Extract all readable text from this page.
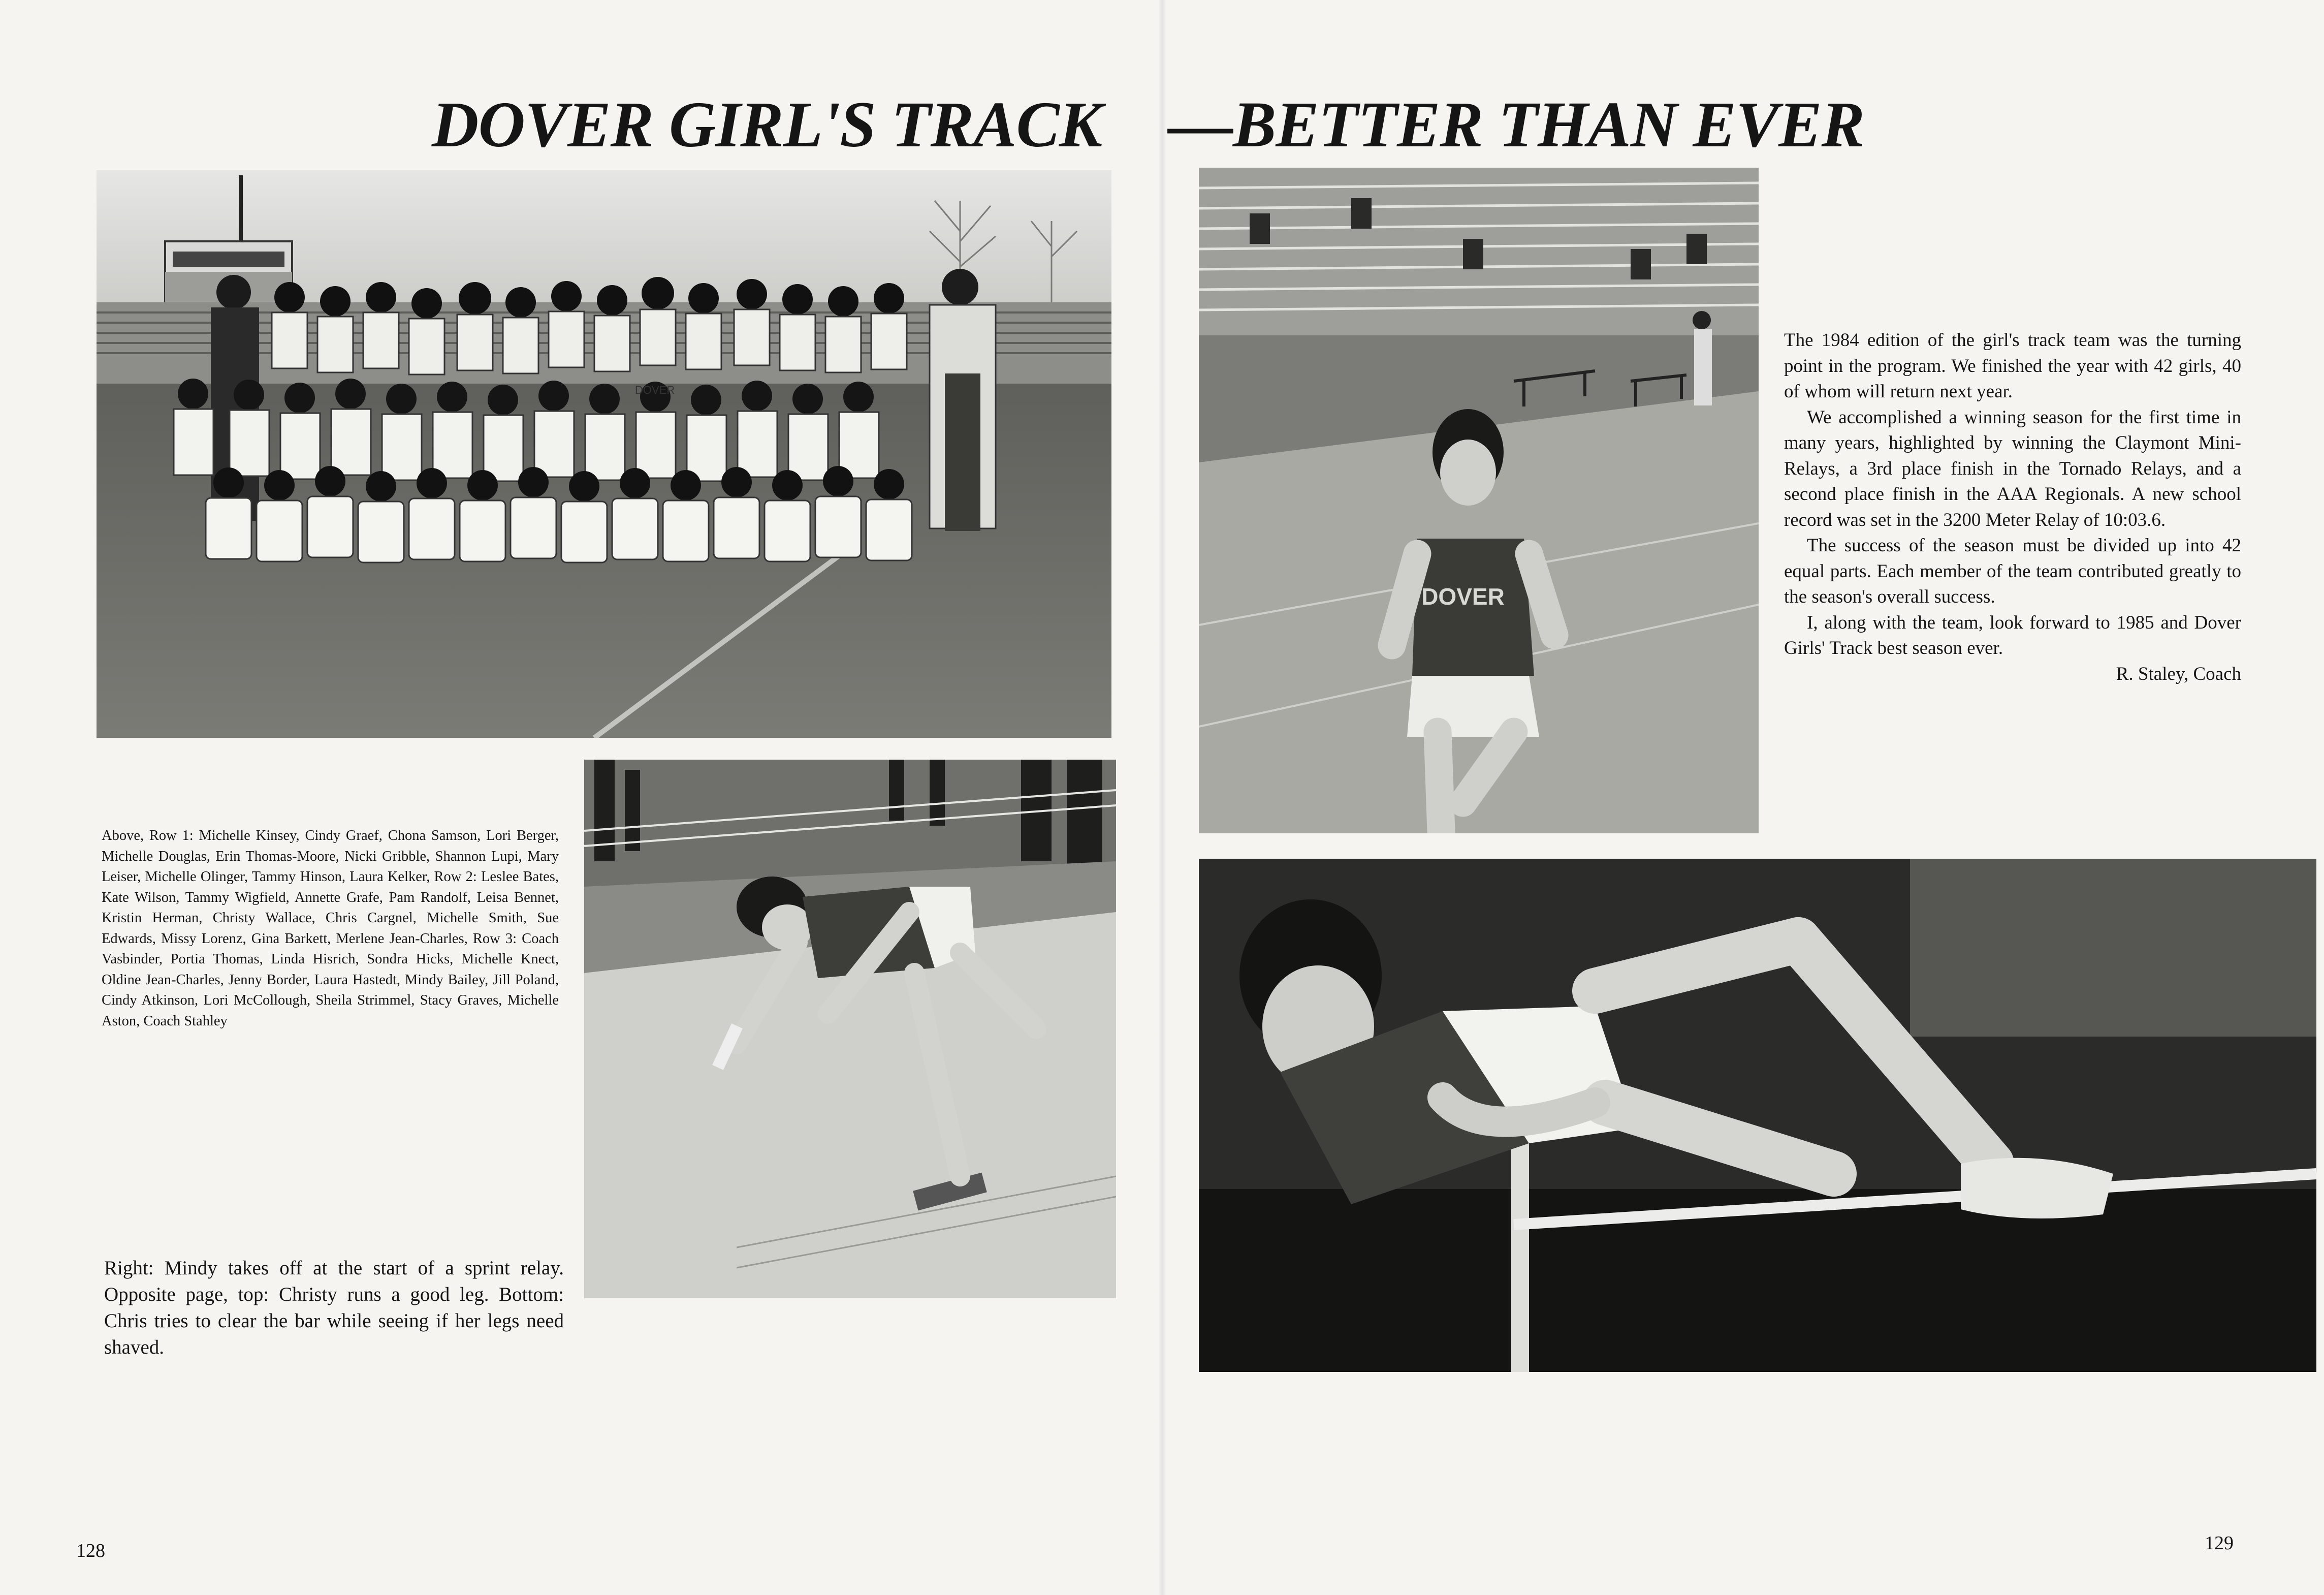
DOVER GIRL'S TRACK —BETTER THAN EVER
DOVER
DOVER
Above, Row 1: Michelle Kinsey, Cindy Graef, Chona Samson, Lori Berger, Michelle Douglas, Erin Thomas-Moore, Nicki Gribble, Shannon Lupi, Mary Leiser, Michelle Olinger, Tammy Hinson, Laura Kelker, Row 2: Leslee Bates, Kate Wilson, Tammy Wigfield, Annette Grafe, Pam Randolf, Leisa Bennet, Kristin Herman, Christy Wallace, Chris Cargnel, Michelle Smith, Sue Edwards, Missy Lorenz, Gina Barkett, Merlene Jean-Charles, Row 3: Coach Vasbinder, Portia Thomas, Linda Hisrich, Sondra Hicks, Michelle Knect, Oldine Jean-Charles, Jenny Border, Laura Hastedt, Mindy Bailey, Jill Poland, Cindy Atkinson, Lori McCollough, Sheila Strimmel, Stacy Graves, Michelle Aston, Coach Stahley
Right: Mindy takes off at the start of a sprint relay. Opposite page, top: Christy runs a good leg. Bottom: Chris tries to clear the bar while seeing if her legs need shaved.

The 1984 edition of the girl's track team was the turning point in the program. We finished the year with 42 girls, 40 of whom will return next year.

We accomplished a winning season for the first time in many years, highlighted by winning the Claymont Mini-Relays, a 3rd place finish in the Tornado Relays, and a second place finish in the AAA Regionals. A new school record was set in the 3200 Meter Relay of 10:03.6.

The success of the season must be divided up into 42 equal parts. Each member of the team contributed greatly to the season's overall success.

I, along with the team, look forward to 1985 and Dover Girls' Track best season ever.

R. Staley, Coach

128	129
